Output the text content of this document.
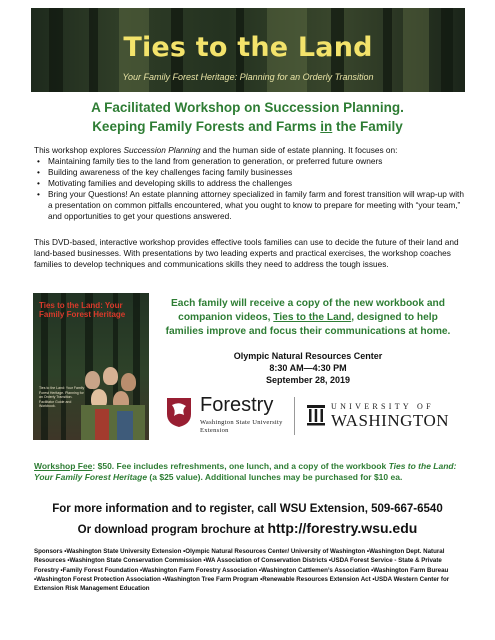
Ties to the Land
Your Family Forest Heritage: Planning for an Orderly Transition
A Facilitated Workshop on Succession Planning.
Keeping Family Forests and Farms in the Family
This workshop explores Succession Planning and the human side of estate planning. It focuses on:
• Maintaining family ties to the land from generation to generation, or preferred future owners
• Building awareness of the key challenges facing family businesses
• Motivating families and developing skills to address the challenges
• Bring your Questions! An estate planning attorney specialized in family farm and forest transition will wrap-up with a presentation on common pitfalls encountered, what you ought to know to prepare for meeting with “your team,” and opportunities to get your questions answered.
This DVD-based, interactive workshop provides effective tools families can use to decide the future of their land and land-based businesses. With presentations by two leading experts and practical exercises, the workshop coaches families to develop techniques and communications skills they need to address the tough issues.
Ties to the Land: Your Family Forest Heritage
Ties to the Land: Your Family Forest Heritage. Planning for an Orderly Transition. Facilitator Guide and Workbook.
Each family will receive a copy of the new workbook and companion videos, Ties to the Land, designed to help families improve and focus their communications at home.
Olympic Natural Resources Center
8:30 AM—4:30 PM
September 28, 2019
Forestry
Washington State University
Extension
UNIVERSITY OF
WASHINGTON
Workshop Fee: $50. Fee includes refreshments, one lunch, and a copy of the workbook Ties to the Land: Your Family Forest Heritage (a $25 value). Additional lunches may be purchased for $10 ea.
For more information and to register, call WSU Extension, 509-667-6540
Or download program brochure at http://forestry.wsu.edu
Sponsors •Washington State University Extension •Olympic Natural Resources Center/ University of Washington •Washington Dept. Natural Resources •Washington State Conservation Commission •WA Association of Conservation Districts •USDA Forest Service - State & Private Forestry •Family Forest Foundation •Washington Farm Forestry Association •Washington Cattlemen’s Association •Washington Farm Bureau •Washington Forest Protection Association •Washington Tree Farm Program •Renewable Resources Extension Act •USDA Western Center for Extension Risk Management Education
